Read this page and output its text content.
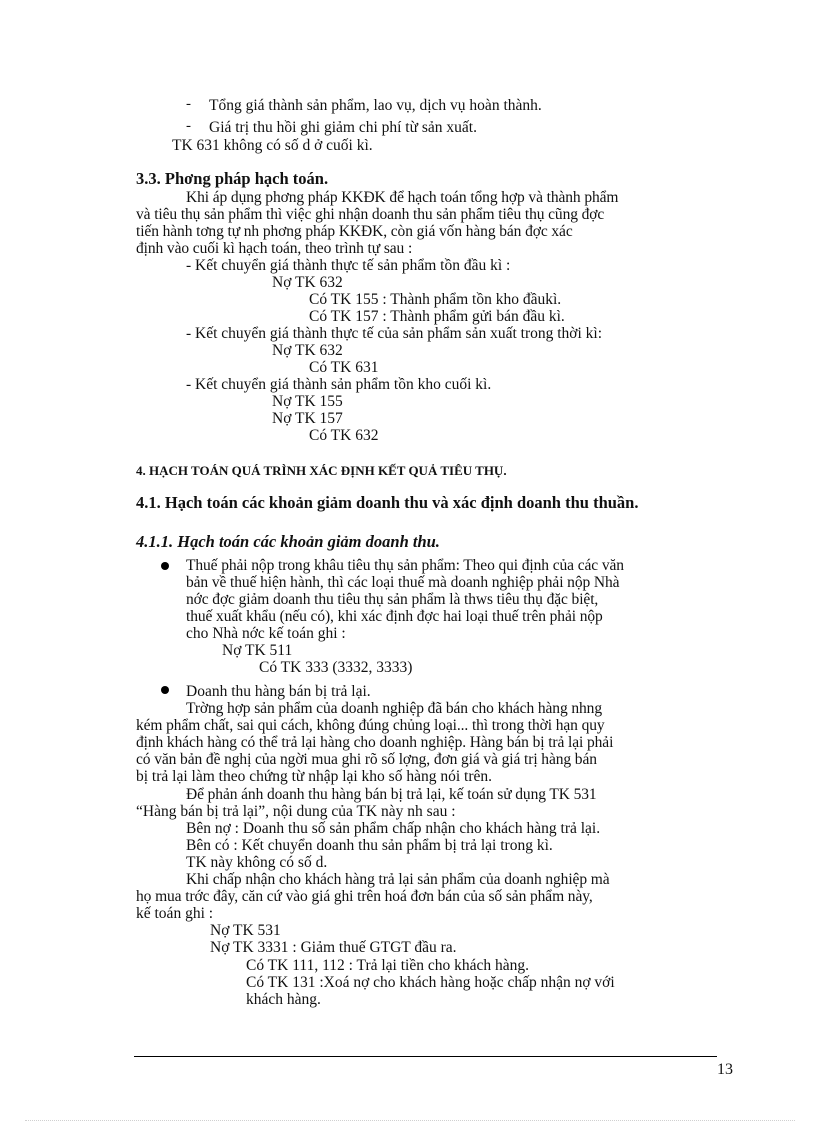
- Tổng giá thành sản phẩm, lao vụ, dịch vụ hoàn thành.
- Giá trị thu hồi ghi giảm chi phí từ sản xuất.
TK 631 không có số d ở cuối kì.
3.3. Phơng pháp hạch toán.
Khi áp dụng phơng pháp KKĐK để hạch toán tổng hợp và thành phẩm
và tiêu thụ sản phẩm thì việc ghi nhận doanh thu sản phẩm tiêu thụ cũng đợc
tiến hành tơng tự nh phơng pháp KKĐK, còn giá vốn hàng bán đợc xác
định vào cuối kì hạch toán, theo trình tự sau :
- Kết chuyển giá thành thực tế sản phẩm tồn đầu kì :
Nợ TK 632
Có TK 155 : Thành phẩm tồn kho đầukì.
Có TK 157 : Thành phẩm gửi bán đầu kì.
- Kết chuyển giá thành thực tế của sản phẩm sản xuất trong thời kì:
Nợ TK 632
Có TK 631
- Kết chuyển giá thành sản phẩm tồn kho cuối kì.
Nợ TK 155
Nợ TK 157
Có TK 632
4. HẠCH TOÁN QUÁ TRÌNH XÁC ĐỊNH KẾT QUẢ TIÊU THỤ.
4.1. Hạch toán các khoản giảm doanh thu và xác định doanh thu thuần.
4.1.1. Hạch toán các khoản giảm doanh thu.
Thuế phải nộp trong khâu tiêu thụ sản phẩm: Theo qui định của các văn
bản về thuế hiện hành, thì các loại thuế mà doanh nghiệp phải nộp Nhà
nớc đợc giảm doanh thu tiêu thụ sản phẩm là thws tiêu thụ đặc biệt,
thuế xuất khẩu (nếu có), khi xác định đợc hai loại thuế trên phải nộp
cho Nhà nớc kế toán ghi :
Nợ TK 511
Có TK 333 (3332, 3333)
Doanh thu hàng bán bị trả lại.
Trờng hợp sản phẩm của doanh nghiệp đã bán cho khách hàng nhng
kém phẩm chất, sai qui cách, không đúng chủng loại... thì trong thời hạn quy
định khách hàng có thể trả lại hàng cho doanh nghiệp. Hàng bán bị trả lại phải
có văn bản đề nghị của ngời mua ghi rõ số lợng, đơn giá và giá trị hàng bán
bị trả lại làm theo chứng từ nhập lại kho số hàng nói trên.
Để phản ánh doanh thu hàng bán bị trả lại, kế toán sử dụng TK 531
“Hàng bán bị trả lại”, nội dung của TK này nh sau :
Bên nợ : Doanh thu số sản phẩm chấp nhận cho khách hàng trả lại.
Bên có : Kết chuyển doanh thu sản phẩm bị trả lại trong kì.
TK này không có số d.
Khi chấp nhận cho khách hàng trả lại sản phẩm của doanh nghiệp mà
họ mua trớc đây, căn cứ vào giá ghi trên hoá đơn bán của số sản phẩm này,
kế toán ghi :
Nợ TK 531
Nợ TK 3331 : Giảm thuế GTGT đầu ra.
Có TK 111, 112 : Trả lại tiền cho khách hàng.
Có TK 131 :Xoá nợ cho khách hàng hoặc chấp nhận nợ với
khách hàng.
13
